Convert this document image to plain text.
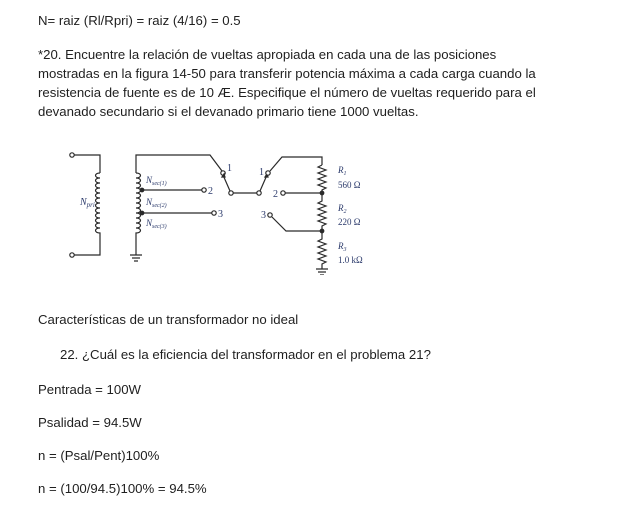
N= raiz (Rl/Rpri) = raiz (4/16) = 0.5
*20. Encuentre la relación de vueltas apropiada en cada una de las posiciones
mostradas en la figura 14-50 para transferir potencia máxima a cada carga cuando la
resistencia de fuente es de 10 Æ. Especifique el número de vueltas requerido para el
devanado secundario si el devanado primario tiene 1000 vueltas.
$N_{pri}$
$N_{sec(1)}$
$N_{sec(2)}$
$N_{sec(3)}$
1
2
3
1
2
3
$R_1$
560 Ω
$R_2$
220 Ω
$R_3$
1.0 kΩ
Características de un transformador no ideal
22. ¿Cuál es la eficiencia del transformador en el problema 21?
Pentrada = 100W
Psalidad = 94.5W
n = (Psal/Pent)100%
n = (100/94.5)100% = 94.5%
